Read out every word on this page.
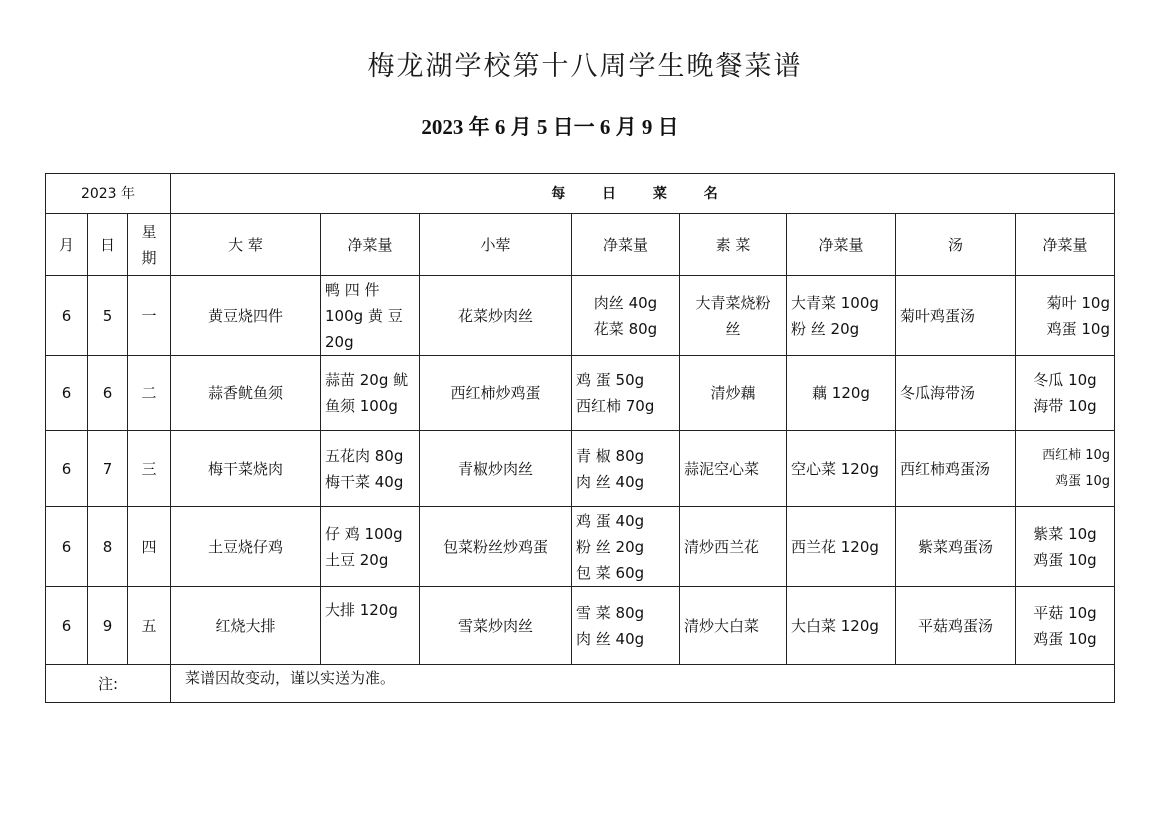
梅龙湖学校第十八周学生晚餐菜谱
2023 年 6 月 5 日一 6 月 9 日
2023 年			每 日 菜 名							
月	日	星
期	大 荤	净菜量	小荤	净菜量	素 菜	净菜量	汤	净菜量
6	5	一	黄豆烧四件	鸭 四 件
100g 黄 豆
20g	花菜炒肉丝	肉丝 40g
花菜 80g	大青菜烧粉
丝	大青菜 100g
粉 丝 20g	菊叶鸡蛋汤	菊叶 10g
鸡蛋 10g
6	6	二	蒜香鱿鱼须	蒜苗 20g 鱿
鱼须 100g	西红柿炒鸡蛋	鸡 蛋 50g
西红柿 70g	清炒藕	藕 120g	冬瓜海带汤	冬瓜 10g
海带 10g
6	7	三	梅干菜烧肉	五花肉 80g
梅干菜 40g	青椒炒肉丝	青 椒 80g
肉 丝 40g	蒜泥空心菜	空心菜 120g	西红柿鸡蛋汤	西红柿 10g
鸡蛋 10g
6	8	四	土豆烧仔鸡	仔 鸡 100g
土豆 20g	包菜粉丝炒鸡蛋	鸡 蛋 40g
粉 丝 20g
包 菜 60g	清炒西兰花	西兰花 120g	紫菜鸡蛋汤	紫菜 10g
鸡蛋 10g
6	9	五	红烧大排	大排 120g	雪菜炒肉丝	雪 菜 80g
肉 丝 40g	清炒大白菜	大白菜 120g	平菇鸡蛋汤	平菇 10g
鸡蛋 10g
注:			菜谱因故变动，谨以实送为准。							
